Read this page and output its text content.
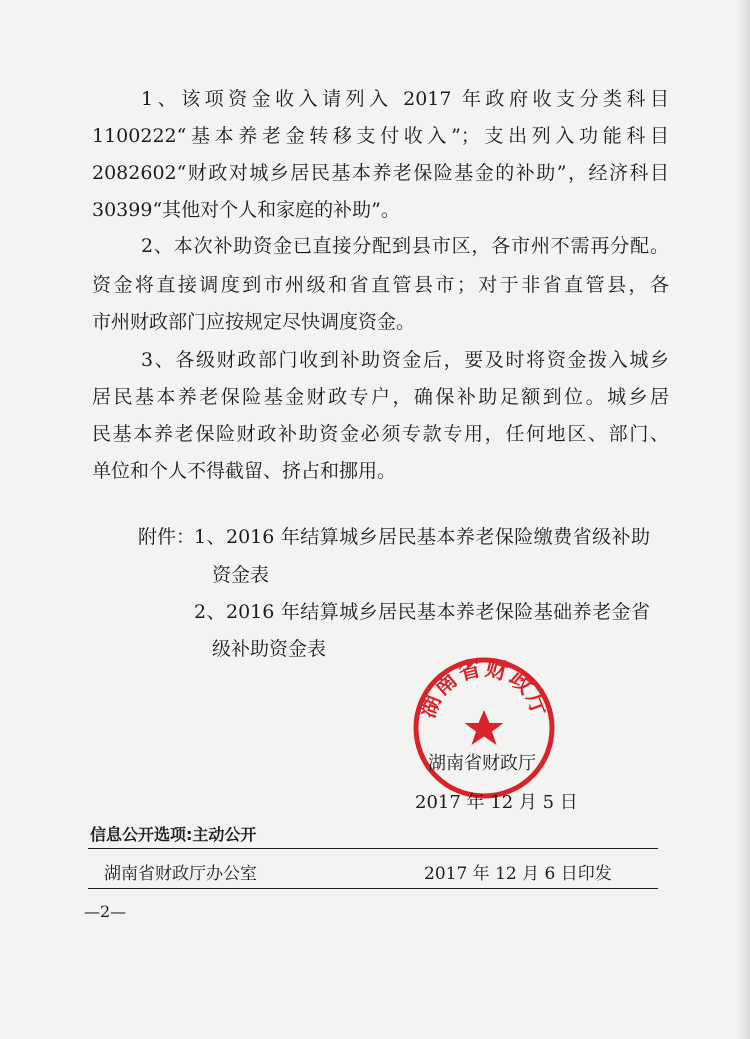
1、该项资金收入请列入 2017 年政府收支分类科目
1100222“基本养老金转移支付收入”；支出列入功能科目
2082602“财政对城乡居民基本养老保险基金的补助”，经济科目
30399“其他对个人和家庭的补助”。
2、本次补助资金已直接分配到县市区，各市州不需再分配。
资金将直接调度到市州级和省直管县市；对于非省直管县，各
市州财政部门应按规定尽快调度资金。
3、各级财政部门收到补助资金后，要及时将资金拨入城乡
居民基本养老保险基金财政专户，确保补助足额到位。城乡居
民基本养老保险财政补助资金必须专款专用，任何地区、部门、
单位和个人不得截留、挤占和挪用。
附件：
1、2016 年结算城乡居民基本养老保险缴费省级补助
资金表
2、2016 年结算城乡居民基本养老保险基础养老金省
级补助资金表
湖南省财政厅
湖南省财政厅
2017 年 12 月 5 日
信息公开选项:主动公开
湖南省财政厅办公室	2017 年 12 月 6 日印发
—2—
